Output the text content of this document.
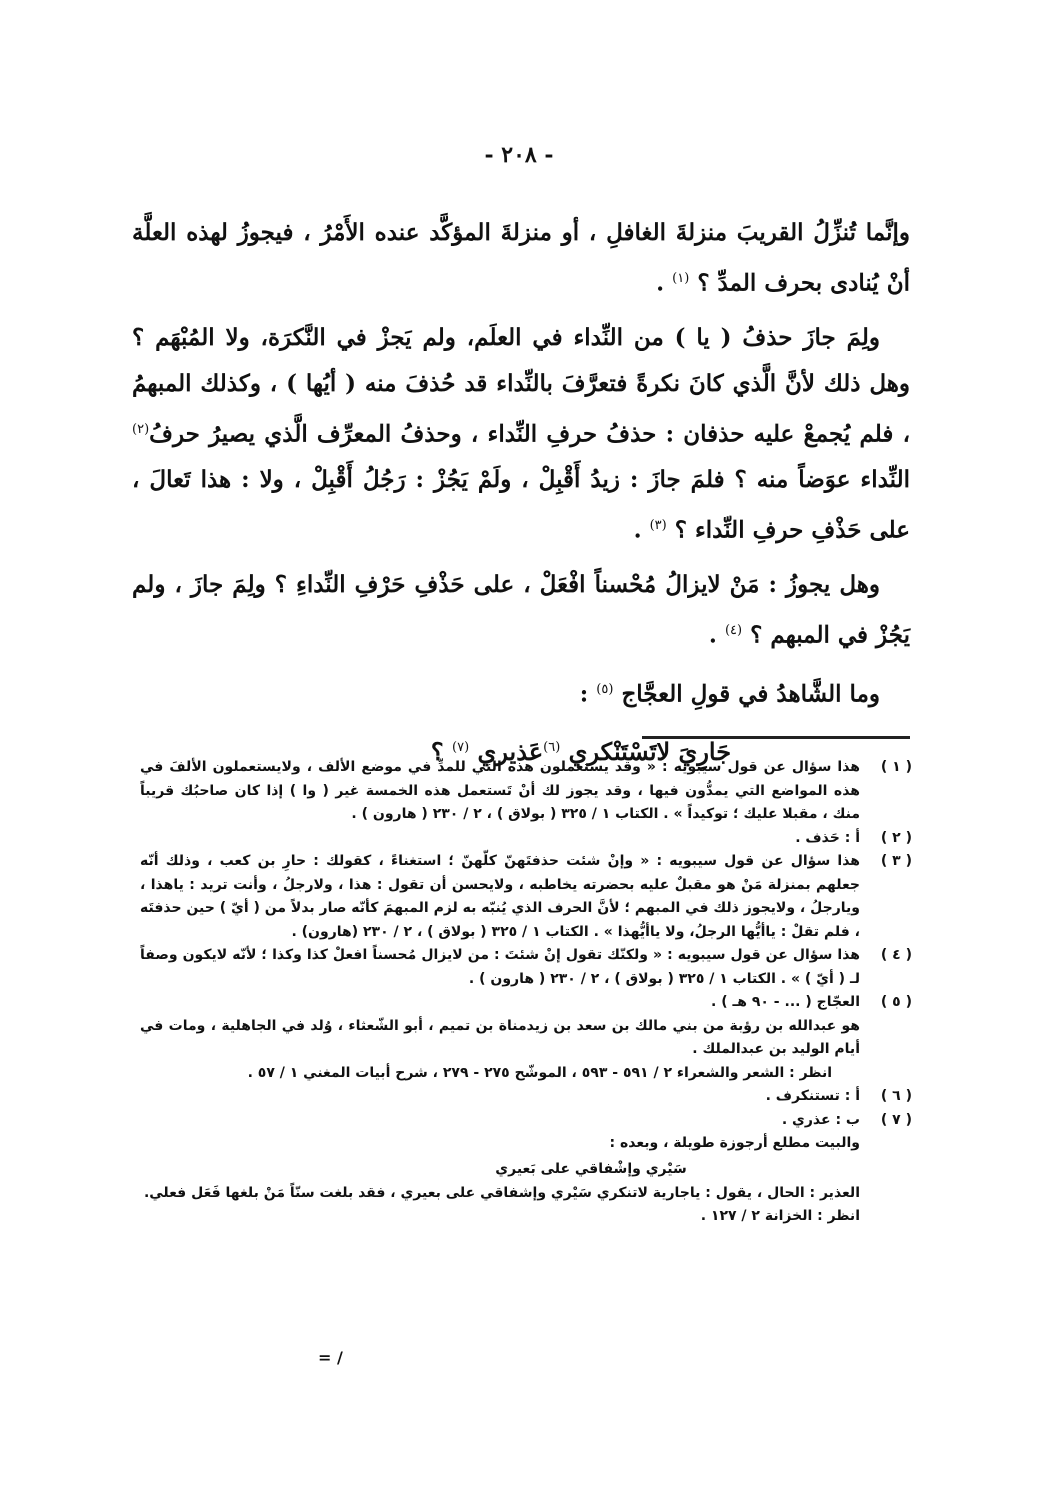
- ٢٠٨ -

وإنَّما تُنزِّلُ القريبَ منزلةَ الغافلِ ، أو منزلةَ المؤكَّد عنده الأَمْرُ ، فيجوزُ لهذه العلَّة أنْ يُنادى بحرف المدِّ ؟ $^{(١)}$ .

ولِمَ جازَ حذفُ ( يا ) من النِّداء في العلَم، ولم يَجزْ في النَّكرَة، ولا المُبْهَم ؟ وهل ذلك لأنَّ الَّذي كانَ نكرةً فتعرَّفَ بالنِّداء قد حُذفَ منه ( أيُها ) ، وكذلك المبهمُ ، فلم يُجمعْ عليه حذفان : حذفُ حرفِ النِّداء ، وحذفُ المعرِّف الَّذي يصيرُ حرفُ$^{(٢)}$ النِّداء عوَضاً منه ؟ فلمَ جازَ : زيدُ أَقْبِلْ ، ولَمْ يَجُزْ : رَجُلُ أَقْبِلْ ، ولا : هذا تَعالَ ، على حَذْفِ حرفِ النِّداء ؟ $^{(٣)}$ .

وهل يجوزُ : مَنْ لايزالُ مُحْسناً افْعَلْ ، على حَذْفِ حَرْفِ النِّداءِ ؟ ولِمَ جازَ ، ولم يَجُزْ في المبهم ؟ $^{(٤)}$ .

وما الشَّاهدُ في قولِ العجَّاج $^{(٥)}$ :

جَارِيَ لاتَسْتَنْكري $^{(٦)}$عَذيري $^{(٧)}$ ؟
( ١ )
هذا سؤال عن قول سيبويه : « وقد يستعملون هذه التي للمدِّ في موضع الألف ، ولايستعملون الألفَ في هذه المواضع التي يمدُّون فيها ، وقد يجوز لك أنْ تَستعمل هذه الخمسة غير ( وا ) إذا كان صاحبُك قريباً منك ، مقبلا عليك ؛ توكيداً » . الكتاب ١ / ٣٢٥ ( بولاق ) ، ٢ / ٢٣٠ ( هارون ) .
( ٢ )
أ : حَذف .
( ٣ )
هذا سؤال عن قول سيبويه : « وإنْ شئت حذفتَهنّ كلّهنّ ؛ استغناءً ، كقولك : حارِ بن كعب ، وذلك أنّه جعلهم بمنزلة مَنْ هو مقبلٌ عليه بحضرته يخاطبه ، ولايحسن أن تقول : هذا ، ولارجلُ ، وأنت تريد : ياهذا ، ويارجلُ ، ولايجوز ذلك في المبهم ؛ لأنَّ الحرف الذي يُنبّه به لزم المبهمَ كأنّه صار بدلاً من ( أيّ ) حين حذفتَه ، فلم تقلْ : ياأيُّها الرجلُ، ولا ياأيُّهذا » . الكتاب ١ / ٣٢٥ ( بولاق ) ، ٢ / ٢٣٠ (هارون) .
( ٤ )
هذا سؤال عن قول سيبويه : « ولكنّك تقول إنْ شئتَ : من لايزال مُحسناً افعلْ كذا وكذا ؛ لأنّه لايكون وصفاً لـ ( أيّ ) » . الكتاب ١ / ٣٢٥ ( بولاق ) ، ٢ / ٢٣٠ ( هارون ) .
( ٥ )
العجّاج ( ... - ٩٠ هـ ) .
هو عبدالله بن رؤبة من بني مالك بن سعد بن زيدمناة بن تميم ، أبو الشّعثاء ، وُلد في الجاهلية ، ومات في أيام الوليد بن عبدالملك .
انظر : الشعر والشعراء ٢ / ٥٩١ - ٥٩٣ ، الموشّح ٢٧٥ - ٢٧٩ ، شرح أبيات المغني ١ / ٥٧ .
( ٦ )
أ : تستنكرف .
( ٧ )
ب : عذري .
والبيت مطلع أرجوزة طويلة ، وبعده :
سَيْري وإشْفاقي على بَعيري
العذير : الحال ، يقول : ياجارية لاتنكري سَيْري وإشفاقي على بعيري ، فقد بلغت سنّاً مَنْ بلغها فَعَل فعلي.
انظر : الخزانة ٢ / ١٢٧ .
= /
